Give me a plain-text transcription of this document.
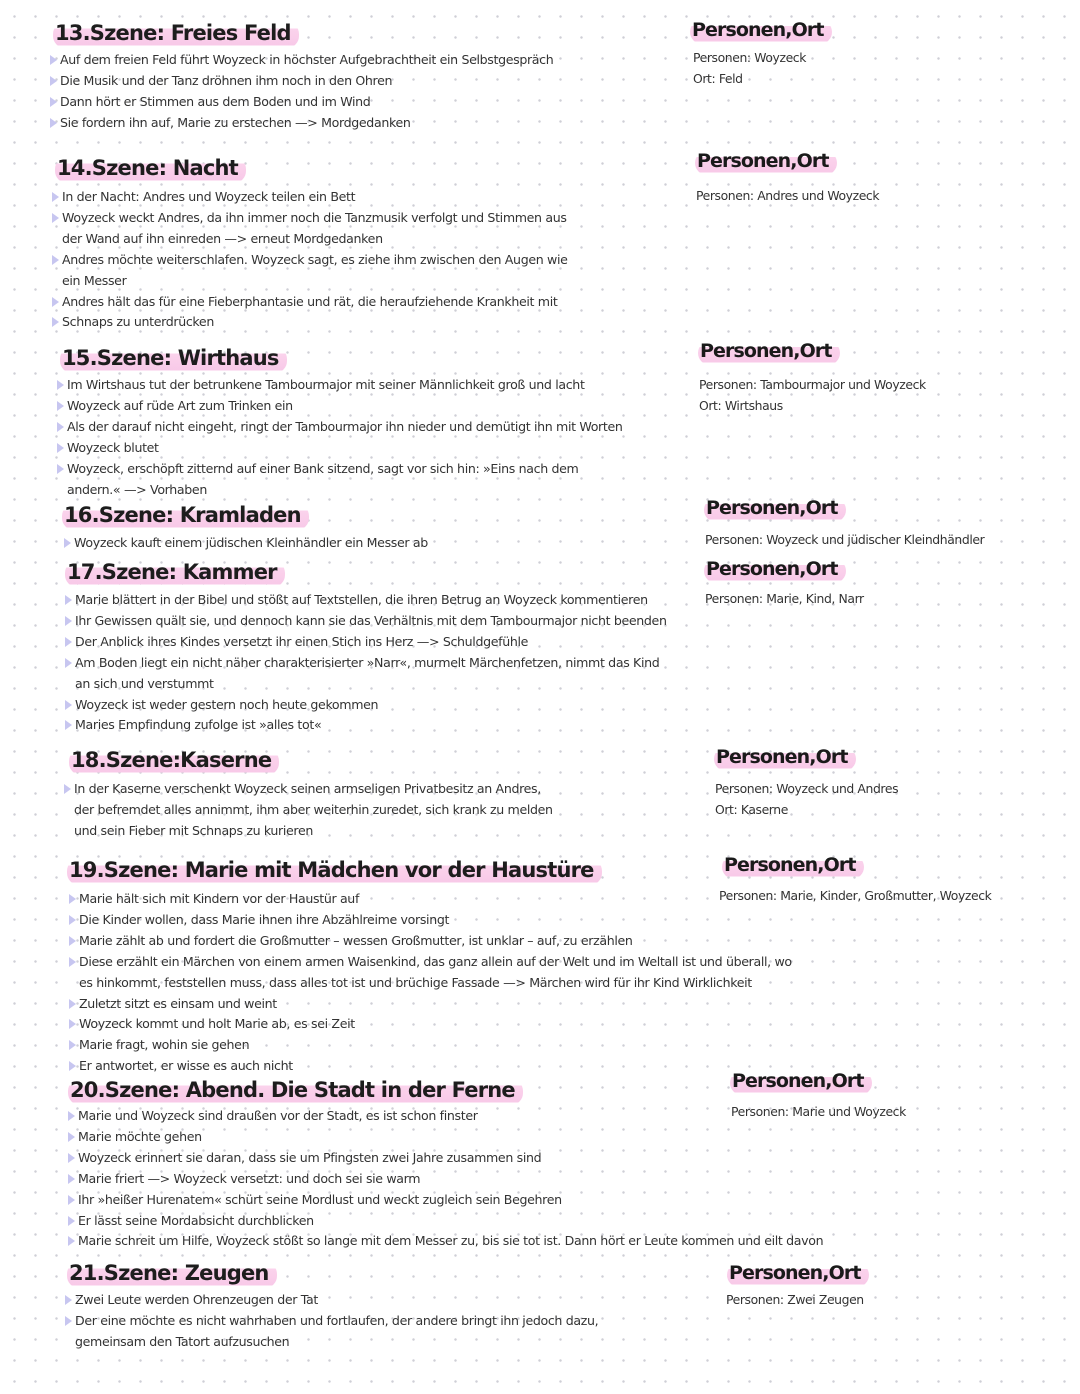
13.Szene: Freies Feld
Auf dem freien Feld führt Woyzeck in höchster Aufgebrachtheit ein Selbstgespräch
Die Musik und der Tanz dröhnen ihm noch in den Ohren
Dann hört er Stimmen aus dem Boden und im Wind
Sie fordern ihn auf, Marie zu erstechen —> Mordgedanken
Personen,Ort
Personen: Woyzeck
Ort: Feld
14.Szene: Nacht
In der Nacht: Andres und Woyzeck teilen ein Bett
Woyzeck weckt Andres, da ihn immer noch die Tanzmusik verfolgt und Stimmen aus
der Wand auf ihn einreden —> erneut Mordgedanken
Andres möchte weiterschlafen. Woyzeck sagt, es ziehe ihm zwischen den Augen wie
ein Messer
Andres hält das für eine Fieberphantasie und rät, die heraufziehende Krankheit mit
Schnaps zu unterdrücken
Personen,Ort
Personen: Andres und Woyzeck
15.Szene: Wirthaus
Im Wirtshaus tut der betrunkene Tambourmajor mit seiner Männlichkeit groß und lacht
Woyzeck auf rüde Art zum Trinken ein
Als der darauf nicht eingeht, ringt der Tambourmajor ihn nieder und demütigt ihn mit Worten
Woyzeck blutet
Woyzeck, erschöpft zitternd auf einer Bank sitzend, sagt vor sich hin: »Eins nach dem
andern.« —> Vorhaben
Personen,Ort
Personen: Tambourmajor und Woyzeck
Ort: Wirtshaus
16.Szene: Kramladen
Woyzeck kauft einem jüdischen Kleinhändler ein Messer ab
Personen,Ort
Personen: Woyzeck und jüdischer Kleindhändler
17.Szene: Kammer
Marie blättert in der Bibel und stößt auf Textstellen, die ihren Betrug an Woyzeck kommentieren
Ihr Gewissen quält sie, und dennoch kann sie das Verhältnis mit dem Tambourmajor nicht beenden
Der Anblick ihres Kindes versetzt ihr einen Stich ins Herz —> Schuldgefühle
Am Boden liegt ein nicht näher charakterisierter »Narr«, murmelt Märchenfetzen, nimmt das Kind
an sich und verstummt
Woyzeck ist weder gestern noch heute gekommen
Maries Empfindung zufolge ist »alles tot«
Personen,Ort
Personen: Marie, Kind, Narr
18.Szene:Kaserne
In der Kaserne verschenkt Woyzeck seinen armseligen Privatbesitz an Andres,
der befremdet alles annimmt, ihm aber weiterhin zuredet, sich krank zu melden
und sein Fieber mit Schnaps zu kurieren
Personen,Ort
Personen: Woyzeck und Andres
Ort: Kaserne
19.Szene: Marie mit Mädchen vor der Haustüre
Marie hält sich mit Kindern vor der Haustür auf
Die Kinder wollen, dass Marie ihnen ihre Abzählreime vorsingt
Marie zählt ab und fordert die Großmutter – wessen Großmutter, ist unklar – auf, zu erzählen
Diese erzählt ein Märchen von einem armen Waisenkind, das ganz allein auf der Welt und im Weltall ist und überall, wo
es hinkommt, feststellen muss, dass alles tot ist und brüchige Fassade —> Märchen wird für ihr Kind Wirklichkeit
Zuletzt sitzt es einsam und weint
Woyzeck kommt und holt Marie ab, es sei Zeit
Marie fragt, wohin sie gehen
Er antwortet, er wisse es auch nicht
Personen,Ort
Personen: Marie, Kinder, Großmutter, Woyzeck
20.Szene: Abend. Die Stadt in der Ferne
Marie und Woyzeck sind draußen vor der Stadt, es ist schon finster
Marie möchte gehen
Woyzeck erinnert sie daran, dass sie um Pfingsten zwei Jahre zusammen sind
Marie friert —> Woyzeck versetzt: und doch sei sie warm
Ihr »heißer Hurenatem« schürt seine Mordlust und weckt zugleich sein Begehren
Er lässt seine Mordabsicht durchblicken
Marie schreit um Hilfe, Woyzeck stößt so lange mit dem Messer zu, bis sie tot ist. Dann hört er Leute kommen und eilt davon
Personen,Ort
Personen: Marie und Woyzeck
21.Szene: Zeugen
Zwei Leute werden Ohrenzeugen der Tat
Der eine möchte es nicht wahrhaben und fortlaufen, der andere bringt ihn jedoch dazu,
gemeinsam den Tatort aufzusuchen
Personen,Ort
Personen: Zwei Zeugen
